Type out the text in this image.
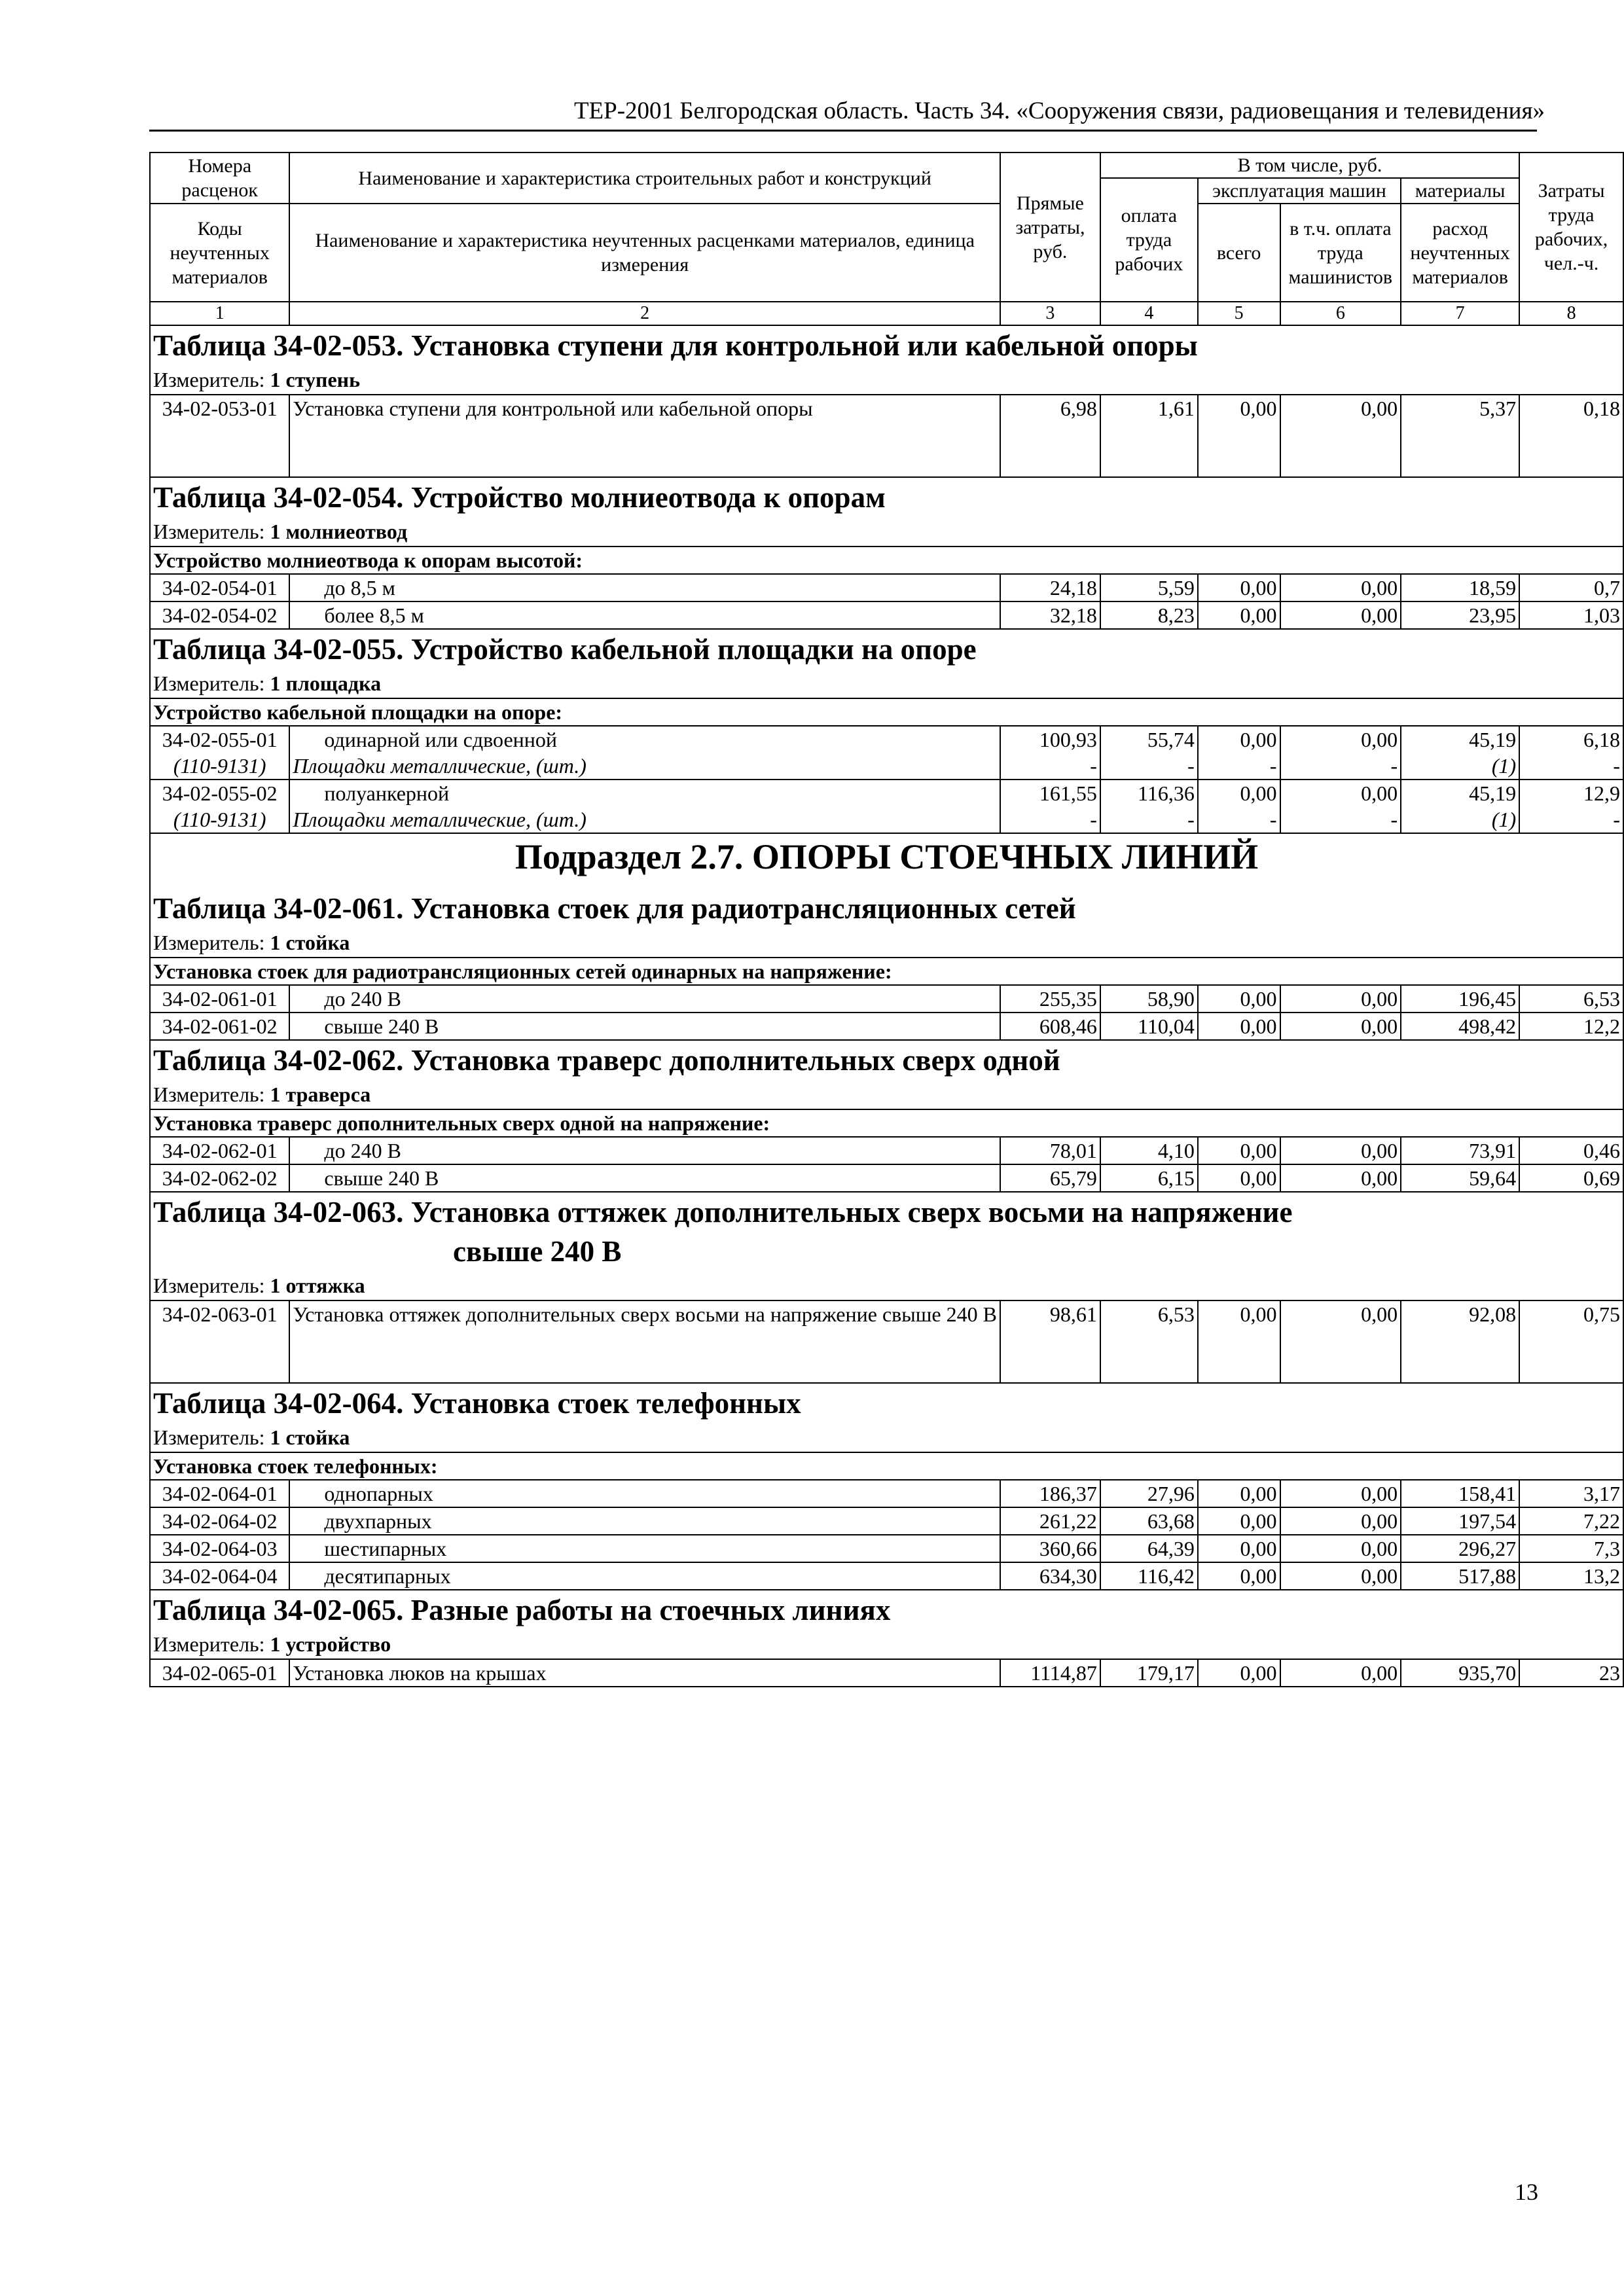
ТЕР-2001 Белгородская область. Часть 34. «Сооружения связи, радиовещания и телевидения»
Номера расценок	Наименование и характеристика строительных работ и конструкций	Прямые затраты, руб.	В том числе, руб.				Затраты труда рабочих, чел.-ч.
			оплата труда рабочих	эксплуатация машин		материалы	
Коды неучтенных материалов	Наименование и характеристика неучтенных расценками материалов, единица измерения			всего	в т.ч. оплата труда машинистов	расход неучтенных материалов	

1	2	3	4	5	6	7	8
Таблица 34-02-053. Установка ступени для контрольной или кабельной опоры							
Измеритель: 1 ступень							
34-02-053-01	Установка ступени для контрольной или кабельной опоры	6,98	1,61	0,00	0,00	5,37	0,18
Таблица 34-02-054. Устройство молниеотвода к опорам							
Измеритель: 1 молниеотвод							
Устройство молниеотвода к опорам высотой:							
34-02-054-01	до 8,5 м	24,18	5,59	0,00	0,00	18,59	0,7
34-02-054-02	более 8,5 м	32,18	8,23	0,00	0,00	23,95	1,03
Таблица 34-02-055. Устройство кабельной площадки на опоре							
Измеритель: 1 площадка							
Устройство кабельной площадки на опоре:							
34-02-055-01	одинарной или сдвоенной	100,93	55,74	0,00	0,00	45,19	6,18
(110-9131)	Площадки металлические, (шт.)	-	-	-	-	(1)	-
34-02-055-02	полуанкерной	161,55	116,36	0,00	0,00	45,19	12,9
(110-9131)	Площадки металлические, (шт.)	-	-	-	-	(1)	-
Подраздел 2.7. ОПОРЫ СТОЕЧНЫХ ЛИНИЙ							
Таблица 34-02-061. Установка стоек для радиотрансляционных сетей							
Измеритель: 1 стойка							
Установка стоек для радиотрансляционных сетей одинарных на напряжение:							
34-02-061-01	до 240 В	255,35	58,90	0,00	0,00	196,45	6,53
34-02-061-02	свыше 240 В	608,46	110,04	0,00	0,00	498,42	12,2
Таблица 34-02-062. Установка траверс дополнительных сверх одной							
Измеритель: 1 траверса							
Установка траверс дополнительных сверх одной на напряжение:							
34-02-062-01	до 240 В	78,01	4,10	0,00	0,00	73,91	0,46
34-02-062-02	свыше 240 В	65,79	6,15	0,00	0,00	59,64	0,69
Таблица 34-02-063. Установка оттяжек дополнительных сверх восьми на напряжение
свыше 240 В							

Измеритель: 1 оттяжка							
34-02-063-01	Установка оттяжек дополнительных сверх восьми на напряжение свыше 240 В	98,61	6,53	0,00	0,00	92,08	0,75
Таблица 34-02-064. Установка стоек телефонных							
Измеритель: 1 стойка							
Установка стоек телефонных:							
34-02-064-01	однопарных	186,37	27,96	0,00	0,00	158,41	3,17
34-02-064-02	двухпарных	261,22	63,68	0,00	0,00	197,54	7,22
34-02-064-03	шестипарных	360,66	64,39	0,00	0,00	296,27	7,3
34-02-064-04	десятипарных	634,30	116,42	0,00	0,00	517,88	13,2
Таблица 34-02-065. Разные работы на стоечных линиях							
Измеритель: 1 устройство							
34-02-065-01	Установка люков на крышах	1114,87	179,17	0,00	0,00	935,70	23
13
